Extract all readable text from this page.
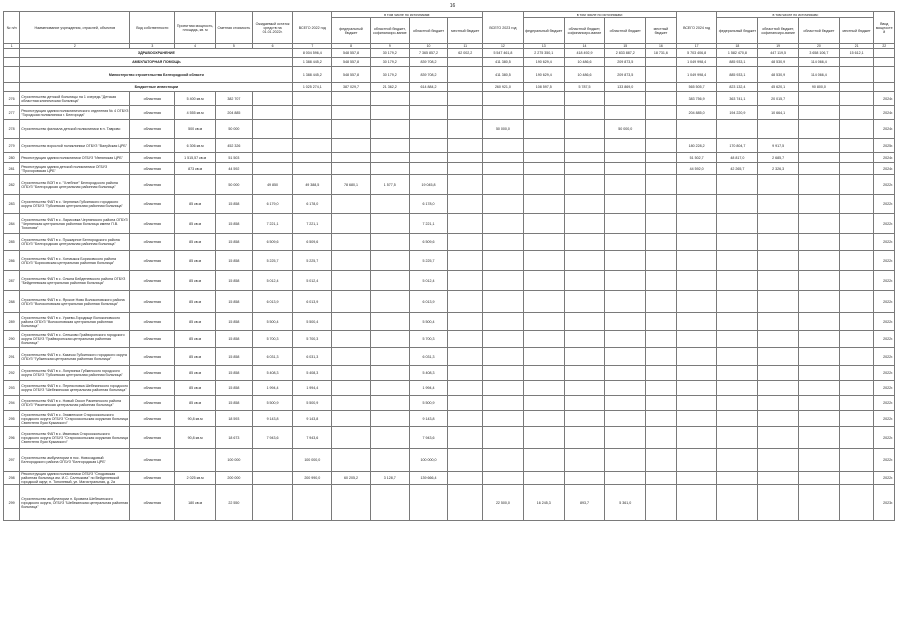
16
№ п/п	Наименование учреждения, отраслей, объектов	Вид собственности	Проектная мощность, площадь, кв. м	Сметная стоимость	Ожидаемый остаток средств на 01.01.2022г.	ВСЕГО 2022 год	в том числе по источникам:				ВСЕГО 2023 год	в том числе по источникам:				ВСЕГО 2024 год	в том числе по источникам:				Ввод мощностей
							федеральный бюджет	областной бюджет, софинансиро-вание	областной бюджет	местный бюджет		федеральный бюджет	областной бюджет, софинансиро-вание	областной бюджет	местный бюджет		федеральный бюджет	областной бюджет, софинансиро-вание	областной бюджет	местный бюджет	
1	2	3	4	5	6	7	8	9	10	11	12	13	14	15	16	17	18	19	20	21	22
	ЗДРАВООХРАНЕНИЕ					8 004 596,4	548 557,8	30 179,2	7 365 857,2	62 002,2	5 547 461,8	2 275 350,1	418 492,9	2 833 887,2	18 731,6	5 703 406,8	1 582 470,8	447 119,5	3 658 106,7	15 612,1	
	АМБУЛАТОРНАЯ ПОМОЩЬ					1 388 445,2	548 557,8	30 179,2	839 708,2		411 380,5	190 629,4	10 486,6	209 873,5		1 049 998,4	885 933,1	48 530,9	114 066,4		
	Министерство строительства Белгородской области					1 388 445,2	548 557,8	30 179,2	839 708,2		411 380,5	190 629,4	10 486,6	209 873,5		1 049 998,4	885 933,1	48 530,9	114 066,4		
	Бюджетные инвестиции					1 025 274,1	387 029,7	21 362,2	614 884,2		260 921,0	108 597,5	5 787,5	133 869,0		565 505,7	823 132,4	45 620,1	90 800,0		
276	Строительство детской больницы на 1 очередь "Детская областная клиническая больница"	областная	5 400 кв.м	382 707												383 756,9	363 741,1	20 015,7			2024г.
277	Реконструкция здания поликлинического отделения № 4 ОГБУЗ "Городская поликлиника г. Белгорода"	областная	4 555 кв.м	204 885												204 885,0	194 220,9	10 664,1			2024г.
278	Строительство филиала детской поликлиники в п. Таврово	областная	500 кв.м	50 000							50 000,0			50 000,0							2024г.
279	Строительство взрослой поликлиники ОГБУЗ "Валуйская ЦРБ"	областная	6 306 кв.м	452 326												180 228,2	170 804,7	9 917,5			2025г.
280	Реконструкция здания поликлиники ОГБУЗ "Ивнянская ЦРБ"	областная	1 515,57 кв.м	51 503												51 502,7	48 817,0	2 685,7			2024г.
281	Реконструкция здания детской поликлиники ОГБУЗ "Прохоровская ЦРБ"	областная	873 кв.м	44 592												44 592,0	42 265,7	2 326,3			2024г.
282	Строительство ВОП в с. "Хлебное" Белгородского района ОГБУЗ "Белгородская центральная районная больница"	областная		50 000	49 850	49 388,5	78 680,1	1 577,5	19 045,8												2022г.
283	Строительство ФАП в с. Чернянка Губкинского городского округа ОГБУЗ "Губкинская центральная районная больница"	областная	85 кв.м	15 858	6 179,0	6 178,0			6 178,0												2022г.
284	Строительство ФАП в с. Ларисовка Чернянского района ОГБУЗ "Чернянская центральная районная больница имени П.В. Тихонова"	областная	85 кв.м	15 858	7 221,1	7 221,1			7 221,1												2022г.
285	Строительство ФАП в с. Пушкарное Белгородского района ОГБУЗ "Белгородская центральная районная больница"	областная	85 кв.м	15 858	6 509,6	6 509,6			6 509,6												2022г.
286	Строительство ФАП в с. Хотмыжск Борисовского района ОГБУЗ "Борисовская центральная районная больница"	областная	85 кв.м	15 858	5 225,7	5 225,7			5 225,7												2022г.
287	Строительство ФАП в с. Олына Бейденевского района ОГБУЗ "Бейденевская центральная районная больница"	областная	85 кв.м	15 858	5 012,4	5 012,4			5 012,4												2022г.
288	Строительство ФАП в с. Ярское Ново Волоконовского района ОГБУЗ "Волоконовская центральная районная больница"	областная	85 кв.м	15 858	6 013,9	6 013,9			6 013,9												2022г.
289	Строительство ФАП в с. Ураево-Городище Волоконовского района ОГБУЗ "Волоконовская центральная районная больница"	областная	85 кв.м	15 858	5 500,4	5 500,4			5 500,4												2022г.
290	Строительство ФАП в с. Сеньково Грайворонского городского округа ОГБУЗ "Грайворонская центральная районная больница"	областная	85 кв.м	15 858	5 700,3	5 700,3			5 700,3												2022г.
291	Строительство ФАП в с. Казачок Губкинского городского округа ОГБУЗ "Губкинская центральная районная больница"	областная	85 кв.м	15 858	6 031,3	6 031,3			6 031,3												2022г.
292	Строительство ФАП в с. Лопухинка Губкинского городского округа ОГБУЗ "Губкинская центральная районная больница"	областная	85 кв.м	15 858	5 408,3	5 408,3			5 408,3												2022г.
293	Строительство ФАП в с. Переясловка Шебекинского городского округа ОГБУЗ "Шебекинская центральная районная больница"	областная	85 кв.м	15 858	1 994,4	1 994,4			1 994,4												2022г.
294	Строительство ФАП в с. Новый Оскол Ракитянского района ОГБУЗ "Ракитянская центральная районная больница"	областная	85 кв.м	15 858	5 500,9	5 500,9			5 500,9												2022г.
295	Строительство ФАП в с. Знаменское Старооскольского городского округа ОГБУЗ "Старооскольская окружная больница Святителя Луки Крымского"	областная	90,8 кв.м	18 593	9 143,8	9 143,8			9 143,8												2022г.
296	Строительство ФАП в с. Ивановка Старооскольского городского округа ОГБУЗ "Старооскольская окружная больница Святителя Луки Крымского"	областная	90,8 кв.м	18 673	7 943,6	7 943,6			7 943,6												2022г.
297	Строительство амбулатории в пос. Новосадовый Белгородского района ОГБУЗ "Белгородская ЦРБ"	областная		100 000		100 000,0			100 000,0												2022г.
298	Реконструкция здания поликлиники ОГБУЗ "Сподовская районная больница им. И.С. Салтыкова" по Вейделевской городской округ, п. Тополевый, ул. Магистральная, д. 2а	областная	2 025 кв.м	200 000		200 990,0	60 205,2	3 128,7	139 666,4												2022г.
299	Строительство амбулатории п. Бровина Шебекинского городского округа, ОГБУЗ "Шебекинская центральная районная больница"	областная	180 кв.м	22 550							22 500,0	16 245,3	893,7	5 361,0							2023г.
